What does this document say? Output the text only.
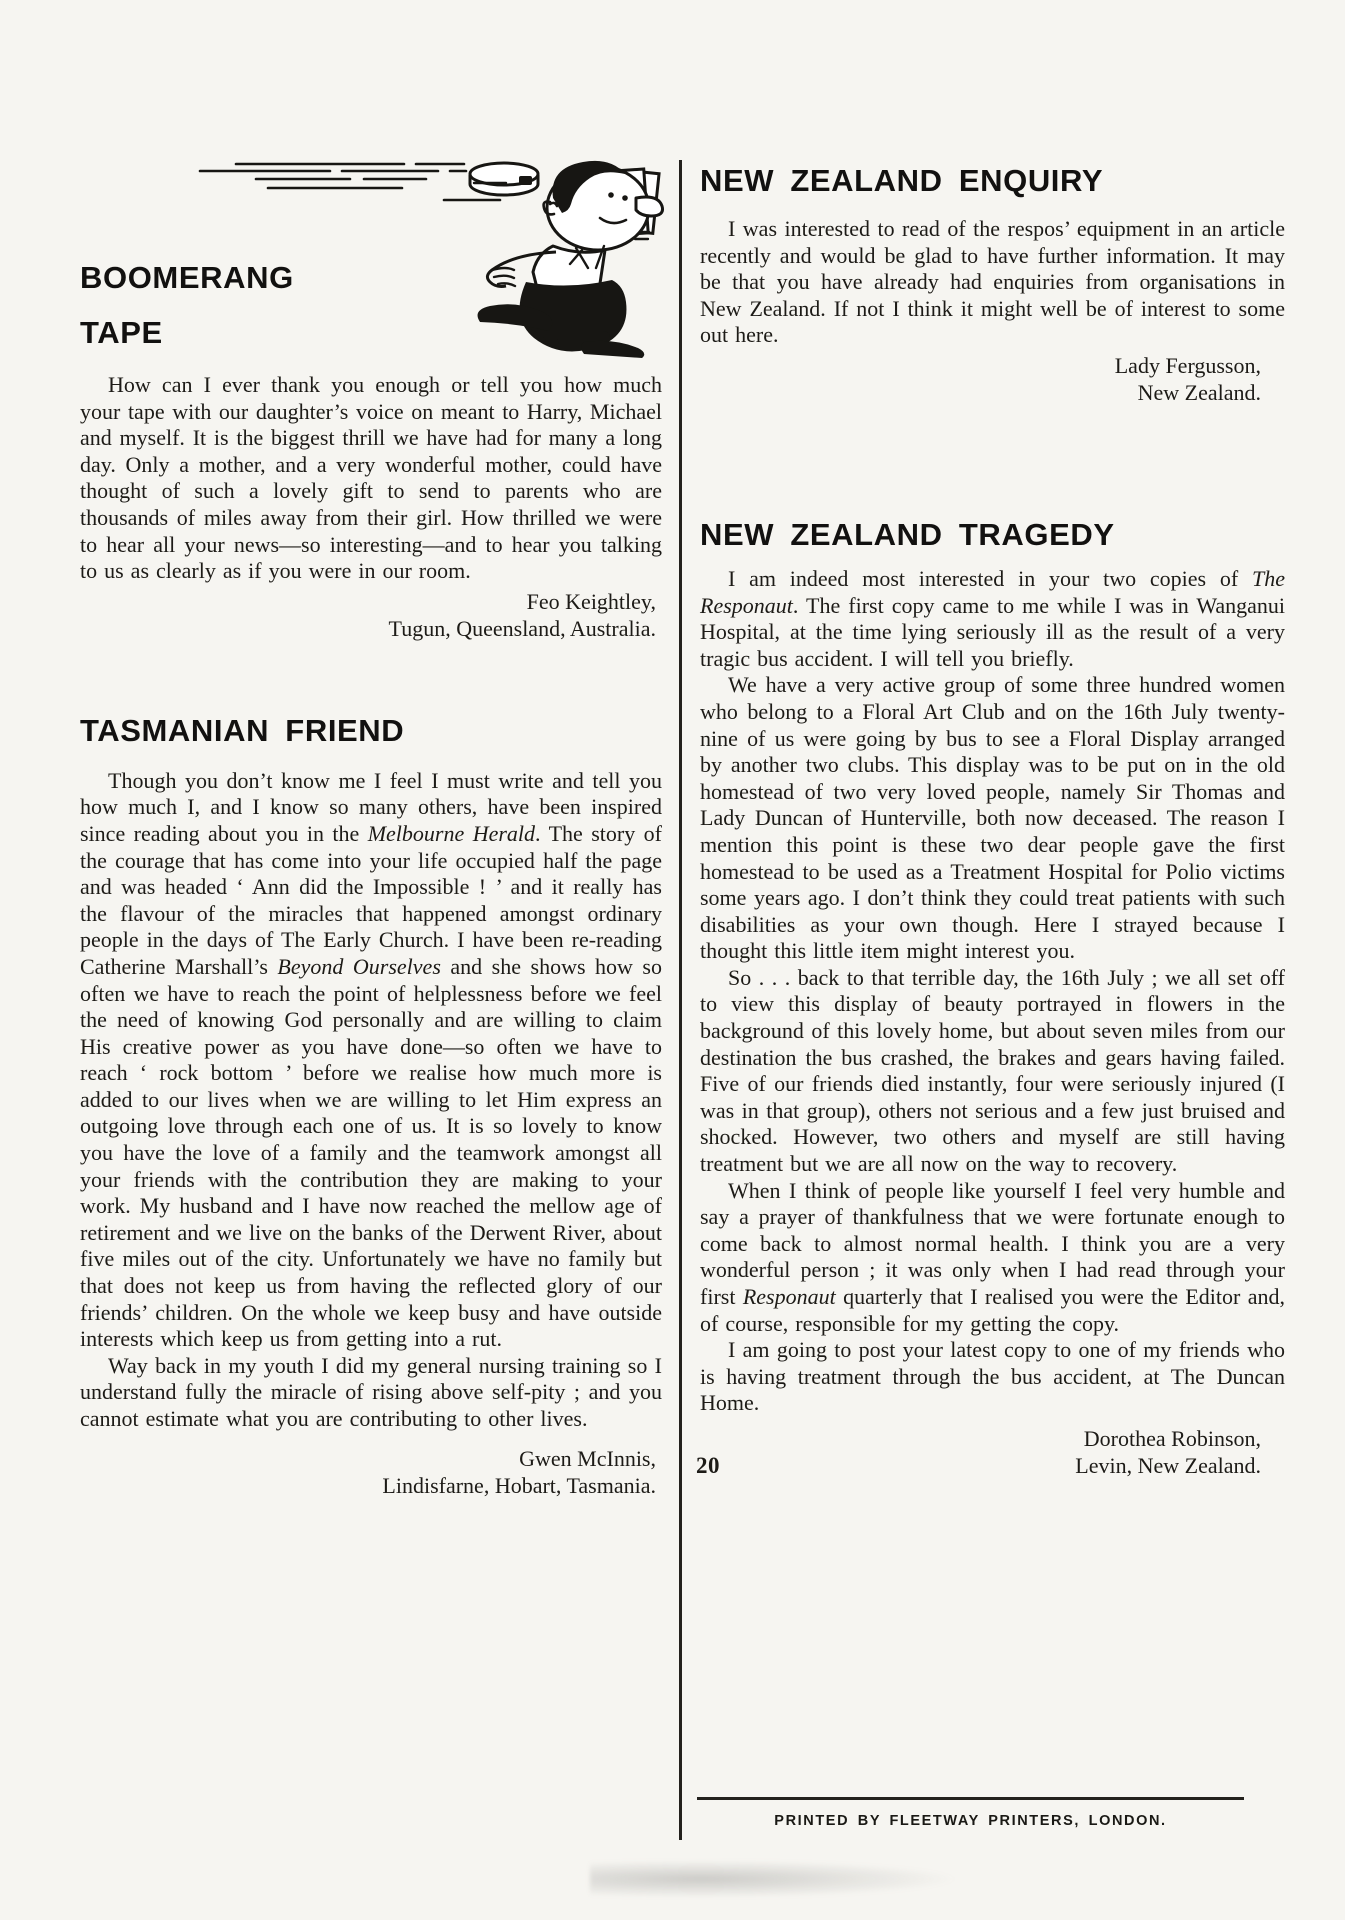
BOOMERANG
TAPE

How can I ever thank you enough or tell you how much your tape with our daughter’s voice on meant to Harry, Michael and myself. It is the biggest thrill we have had for many a long day. Only a mother, and a very wonderful mother, could have thought of such a lovely gift to send to parents who are thousands of miles away from their girl. How thrilled we were to hear all your news—so interesting—and to hear you talking to us as clearly as if you were in our room.

Feo Keightley,
Tugun, Queensland, Australia.
TASMANIAN FRIEND

Though you don’t know me I feel I must write and tell you how much I, and I know so many others, have been inspired since reading about you in the Melbourne Herald. The story of the courage that has come into your life occupied half the page and was headed ‘ Ann did the Impossible ! ’ and it really has the flavour of the miracles that happened amongst ordinary people in the days of The Early Church. I have been re-reading Catherine Marshall’s Beyond Ourselves and she shows how so often we have to reach the point of helplessness before we feel the need of knowing God personally and are willing to claim His creative power as you have done—so often we have to reach ‘ rock bottom ’ before we realise how much more is added to our lives when we are willing to let Him express an outgoing love through each one of us. It is so lovely to know you have the love of a family and the teamwork amongst all your friends with the contribution they are making to your work. My husband and I have now reached the mellow age of retirement and we live on the banks of the Derwent River, about five miles out of the city. Unfortunately we have no family but that does not keep us from having the reflected glory of our friends’ children. On the whole we keep busy and have outside interests which keep us from getting into a rut.

Way back in my youth I did my general nursing training so I understand fully the miracle of rising above self-pity ; and you cannot estimate what you are contributing to other lives.

Gwen McInnis,
Lindisfarne, Hobart, Tasmania.
NEW ZEALAND ENQUIRY

I was interested to read of the respos’ equipment in an article recently and would be glad to have further information. It may be that you have already had enquiries from organisations in New Zealand. If not I think it might well be of interest to some out here.

Lady Fergusson,
New Zealand.
NEW ZEALAND TRAGEDY

I am indeed most interested in your two copies of The Responaut. The first copy came to me while I was in Wanganui Hospital, at the time lying seriously ill as the result of a very tragic bus accident. I will tell you briefly.

We have a very active group of some three hundred women who belong to a Floral Art Club and on the 16th July twenty-nine of us were going by bus to see a Floral Display arranged by another two clubs. This display was to be put on in the old homestead of two very loved people, namely Sir Thomas and Lady Duncan of Hunterville, both now deceased. The reason I mention this point is these two dear people gave the first homestead to be used as a Treatment Hospital for Polio victims some years ago. I don’t think they could treat patients with such disabilities as your own though. Here I strayed because I thought this little item might interest you.

So . . . back to that terrible day, the 16th July ; we all set off to view this display of beauty portrayed in flowers in the background of this lovely home, but about seven miles from our destination the bus crashed, the brakes and gears having failed. Five of our friends died instantly, four were seriously injured (I was in that group), others not serious and a few just bruised and shocked. However, two others and myself are still having treatment but we are all now on the way to recovery.

When I think of people like yourself I feel very humble and say a prayer of thankfulness that we were fortunate enough to come back to almost normal health. I think you are a very wonderful person ; it was only when I had read through your first Responaut quarterly that I realised you were the Editor and, of course, responsible for my getting the copy.

I am going to post your latest copy to one of my friends who is having treatment through the bus accident, at The Duncan Home.

Dorothea Robinson,
20	Levin, New Zealand.
PRINTED BY FLEETWAY PRINTERS, LONDON.
